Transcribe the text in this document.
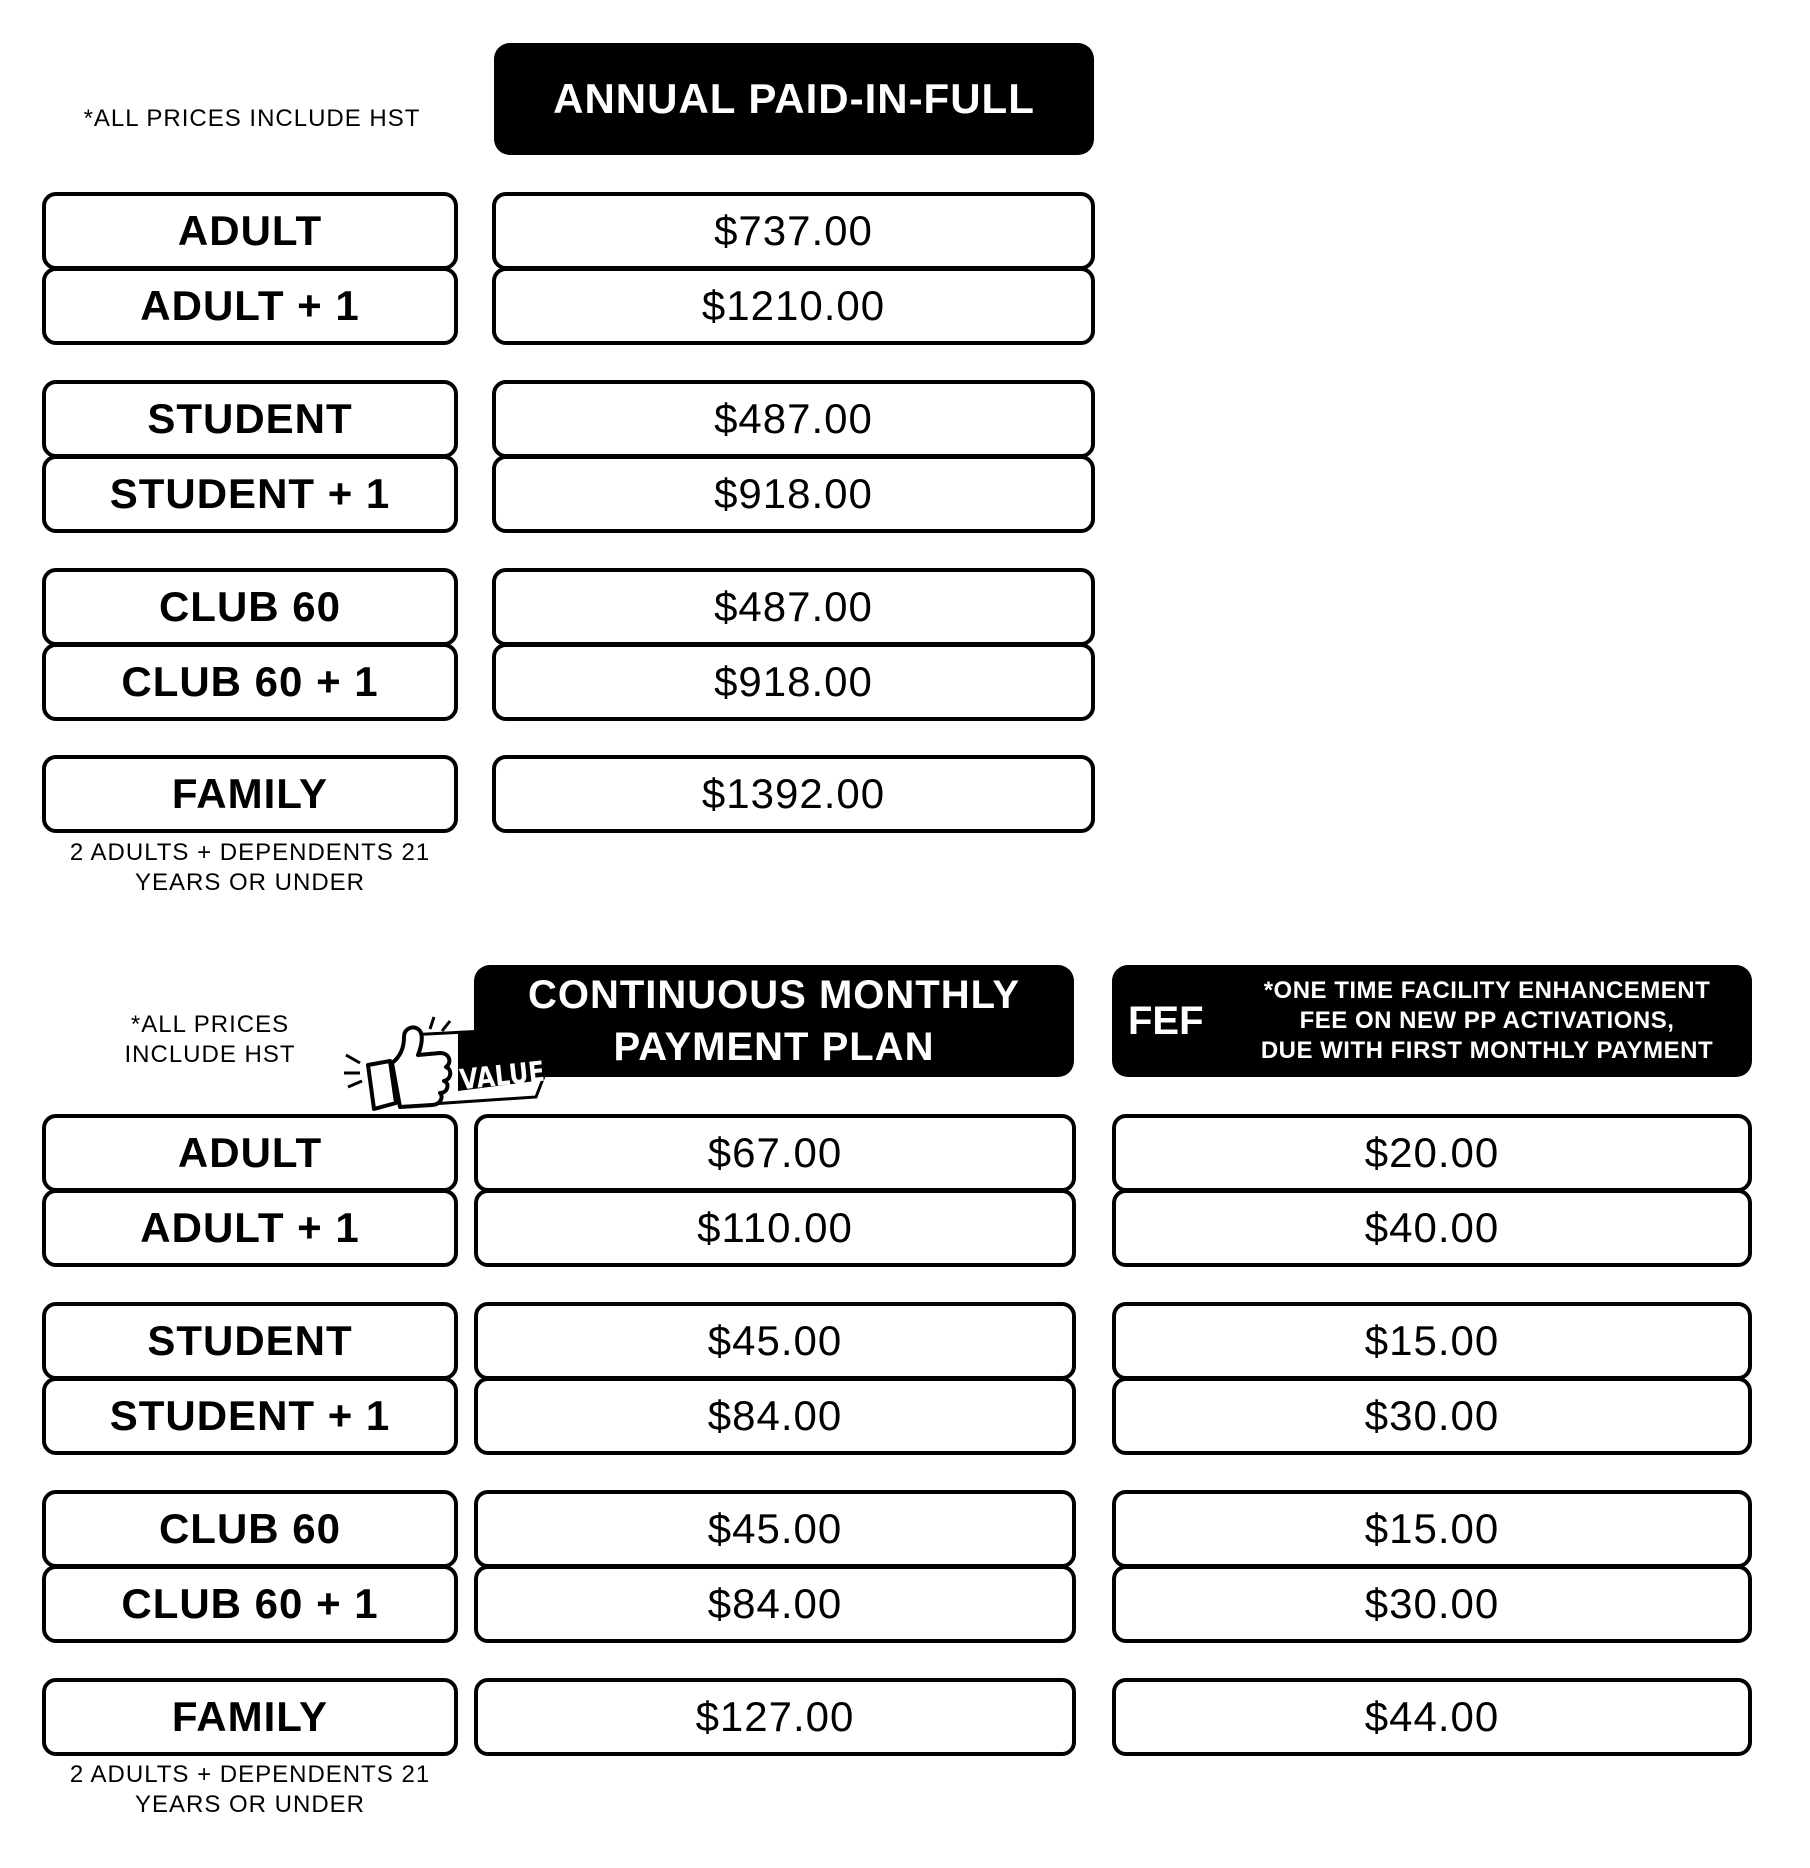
*ALL PRICES INCLUDE HST	ANNUAL PAID-IN-FULL
ADULT
ADULT + 1
STUDENT
STUDENT + 1
CLUB 60
CLUB 60 + 1
FAMILY
$737.00
$1210.00
$487.00
$918.00
$487.00
$918.00
$1392.00
2 ADULTS + DEPENDENTS 21
YEARS OR UNDER
*ALL PRICES
INCLUDE HST
CONTINUOUS MONTHLY
PAYMENT PLAN
BEST
VALUE
FEF
*ONE TIME FACILITY ENHANCEMENT
FEE ON NEW PP ACTIVATIONS,
DUE WITH FIRST MONTHLY PAYMENT
ADULT
ADULT + 1
STUDENT
STUDENT + 1
CLUB 60
CLUB 60 + 1
FAMILY
$67.00
$110.00
$45.00
$84.00
$45.00
$84.00
$127.00
$20.00
$40.00
$15.00
$30.00
$15.00
$30.00
$44.00
2 ADULTS + DEPENDENTS 21
YEARS OR UNDER
